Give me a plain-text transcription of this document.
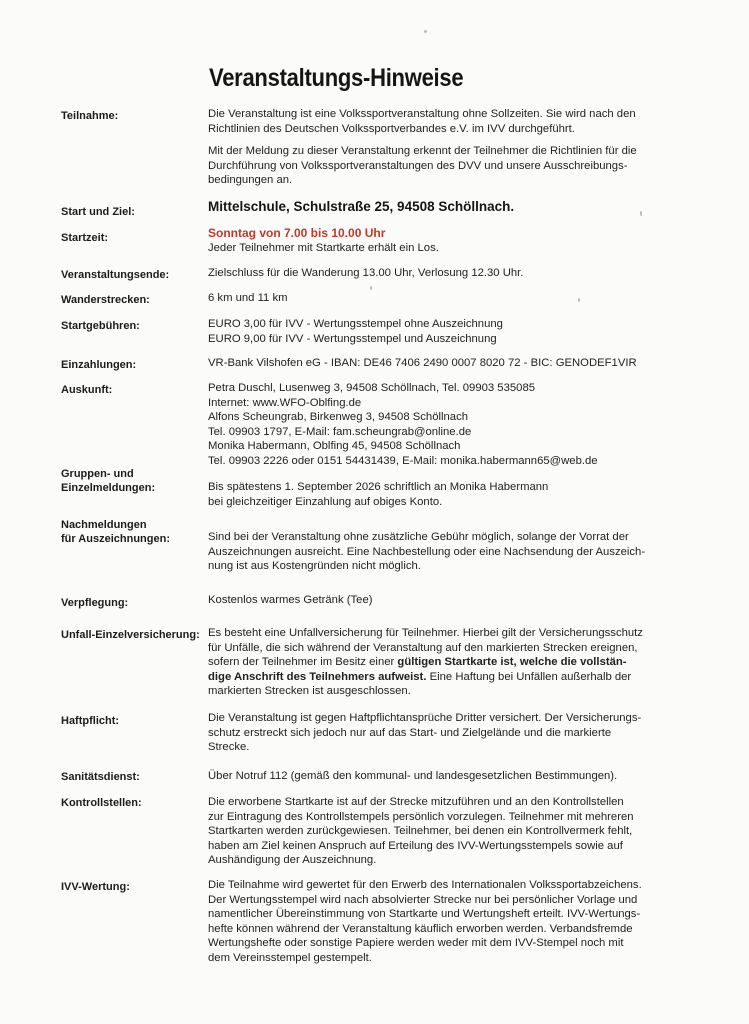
Veranstaltungs-Hinweise
Teilnahme:	Die Veranstaltung ist eine Volkssportveranstaltung ohne Sollzeiten. Sie wird nach den
Richtlinien des Deutschen Volkssportverbandes e.V. im IVV durchgeführt.

Mit der Meldung zu dieser Veranstaltung erkennt der Teilnehmer die Richtlinien für die
Durchführung von Volkssportveranstaltungen des DVV und unsere Ausschreibungs-
bedingungen an.

Start und Ziel:	Mittelschule, Schulstraße 25, 94508 Schöllnach.
Startzeit:	Sonntag von 7.00 bis 10.00 Uhr
Jeder Teilnehmer mit Startkarte erhält ein Los.
Veranstaltungsende:	Zielschluss für die Wanderung 13.00 Uhr, Verlosung 12.30 Uhr.
Wanderstrecken:	6 km und 11 km
Startgebühren:	EURO 3,00 für IVV - Wertungsstempel ohne Auszeichnung
EURO 9,00 für IVV - Wertungsstempel und Auszeichnung
Einzahlungen:	VR-Bank Vilshofen eG - IBAN: DE46 7406 2490 0007 8020 72 - BIC: GENODEF1VIR
Auskunft:	Petra Duschl, Lusenweg 3, 94508 Schöllnach, Tel. 09903 535085
Internet: www.WFO-Oblfing.de
Alfons Scheungrab, Birkenweg 3, 94508 Schöllnach
Tel. 09903 1797, E-Mail: fam.scheungrab@online.de
Monika Habermann, Oblfing 45, 94508 Schöllnach
Tel. 09903 2226 oder 0151 54431439, E-Mail: monika.habermann65@web.de
Gruppen- und
Einzelmeldungen:	Bis spätestens 1. September 2026 schriftlich an Monika Habermann
bei gleichzeitiger Einzahlung auf obiges Konto.
Nachmeldungen
für Auszeichnungen:	Sind bei der Veranstaltung ohne zusätzliche Gebühr möglich, solange der Vorrat der
Auszeichnungen ausreicht. Eine Nachbestellung oder eine Nachsendung der Auszeich-
nung ist aus Kostengründen nicht möglich.
Verpflegung:	Kostenlos warmes Getränk (Tee)
Unfall-Einzelversicherung: Es besteht eine Unfallversicherung für Teilnehmer. Hierbei gilt der Versicherungsschutz
für Unfälle, die sich während der Veranstaltung auf den markierten Strecken ereignen,
sofern der Teilnehmer im Besitz einer gültigen Startkarte ist, welche die vollstän-
dige Anschrift des Teilnehmers aufweist. Eine Haftung bei Unfällen außerhalb der
markierten Strecken ist ausgeschlossen.
Haftpflicht:	Die Veranstaltung ist gegen Haftpflichtansprüche Dritter versichert. Der Versicherungs-
schutz erstreckt sich jedoch nur auf das Start- und Zielgelände und die markierte
Strecke.
Sanitätsdienst:	Über Notruf 112 (gemäß den kommunal- und landesgesetzlichen Bestimmungen).
Kontrollstellen:	Die erworbene Startkarte ist auf der Strecke mitzuführen und an den Kontrollstellen
zur Eintragung des Kontrollstempels persönlich vorzulegen. Teilnehmer mit mehreren
Startkarten werden zurückgewiesen. Teilnehmer, bei denen ein Kontrollvermerk fehlt,
haben am Ziel keinen Anspruch auf Erteilung des IVV-Wertungsstempels sowie auf
Aushändigung der Auszeichnung.
IVV-Wertung:	Die Teilnahme wird gewertet für den Erwerb des Internationalen Volkssportabzeichens.
Der Wertungsstempel wird nach absolvierter Strecke nur bei persönlicher Vorlage und
namentlicher Übereinstimmung von Startkarte und Wertungsheft erteilt. IVV-Wertungs-
hefte können während der Veranstaltung käuflich erworben werden. Verbandsfremde
Wertungshefte oder sonstige Papiere werden weder mit dem IVV-Stempel noch mit
dem Vereinsstempel gestempelt.
